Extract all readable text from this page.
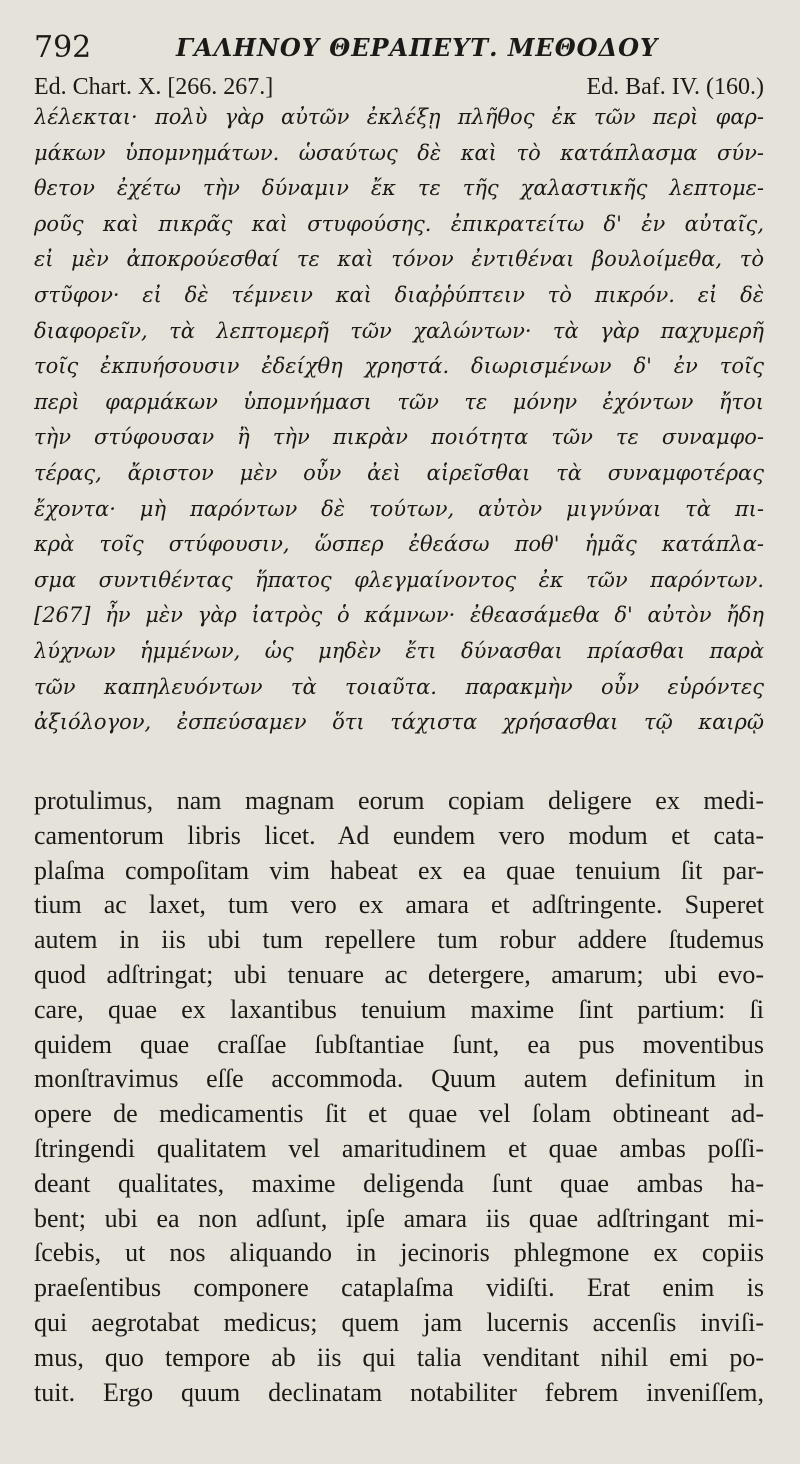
792	ΓΑΛΗΝΟΥ ΘΕΡΑΠΕΥΤ. ΜΕΘΟΔΟΥ
Ed. Chart. X. [266. 267.]	Ed. Baf. IV. (160.)
λέλεκται· πολὺ γὰρ αὐτῶν ἐκλέξῃ πλῆθος ἐκ τῶν περὶ φαρ-
μάκων ὑπομνημάτων. ὡσαύτως δὲ καὶ τὸ κατάπλασμα σύν-
θετον ἐχέτω τὴν δύναμιν ἔκ τε τῆς χαλαστικῆς λεπτομε-
ροῦς καὶ πικρᾶς καὶ στυφούσης. ἐπικρατείτω δ' ἐν αὐταῖς,
εἰ μὲν ἀποκρούεσθαί τε καὶ τόνον ἐντιθέναι βουλοίμεθα, τὸ
στῦφον· εἰ δὲ τέμνειν καὶ διαῤῥύπτειν τὸ πικρόν. εἰ δὲ
διαφορεῖν, τὰ λεπτομερῆ τῶν χαλώντων· τὰ γὰρ παχυμερῆ
τοῖς ἐκπυήσουσιν ἐδείχθη χρηστά. διωρισμένων δ' ἐν τοῖς
περὶ φαρμάκων ὑπομνήμασι τῶν τε μόνην ἐχόντων ἤτοι
τὴν στύφουσαν ἢ τὴν πικρὰν ποιότητα τῶν τε συναμφο-
τέρας, ἄριστον μὲν οὖν ἀεὶ αἱρεῖσθαι τὰ συναμφοτέρας
ἔχοντα· μὴ παρόντων δὲ τούτων, αὐτὸν μιγνύναι τὰ πι-
κρὰ τοῖς στύφουσιν, ὥσπερ ἐθεάσω ποθ' ἡμᾶς κατάπλα-
σμα συντιθέντας ἥπατος φλεγμαίνοντος ἐκ τῶν παρόντων.
[267] ἦν μὲν γὰρ ἰατρὸς ὁ κάμνων· ἐθεασάμεθα δ' αὐτὸν ἤδη
λύχνων ἡμμένων, ὡς μηδὲν ἔτι δύνασθαι πρίασθαι παρὰ
τῶν καπηλευόντων τὰ τοιαῦτα. παρακμὴν οὖν εὑρόντες
ἀξιόλογον, ἐσπεύσαμεν ὅτι τάχιστα χρήσασθαι τῷ καιρῷ
protulimus, nam magnam eorum copiam deligere ex medi-
camentorum libris licet. Ad eundem vero modum et cata-
plaſma compoſitam vim habeat ex ea quae tenuium ſit par-
tium ac laxet, tum vero ex amara et adſtringente. Superet
autem in iis ubi tum repellere tum robur addere ſtudemus
quod adſtringat; ubi tenuare ac detergere, amarum; ubi evo-
care, quae ex laxantibus tenuium maxime ſint partium: ſi
quidem quae craſſae ſubſtantiae ſunt, ea pus moventibus
monſtravimus eſſe accommoda. Quum autem definitum in
opere de medicamentis ſit et quae vel ſolam obtineant ad-
ſtringendi qualitatem vel amaritudinem et quae ambas poſſi-
deant qualitates, maxime deligenda ſunt quae ambas ha-
bent; ubi ea non adſunt, ipſe amara iis quae adſtringant mi-
ſcebis, ut nos aliquando in jecinoris phlegmone ex copiis
praeſentibus componere cataplaſma vidiſti. Erat enim is
qui aegrotabat medicus; quem jam lucernis accenſis inviſi-
mus, quo tempore ab iis qui talia venditant nihil emi po-
tuit. Ergo quum declinatam notabiliter febrem inveniſſem,
